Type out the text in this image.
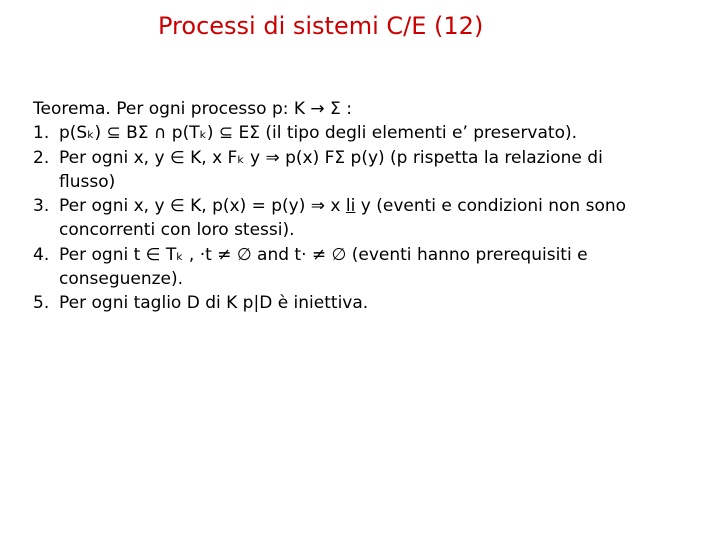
Processi di sistemi C/E (12)
Teorema. Per ogni processo p: K → Σ :
1. p(Sₖ) ⊆ BΣ ∩ p(Tₖ) ⊆ EΣ (il tipo degli elementi e’ preservato).
2. Per ogni x, y ∈ K, x Fₖ y ⇒ p(x) FΣ p(y) (p rispetta la relazione di
flusso)
3. Per ogni x, y ∈ K, p(x) = p(y) ⇒ x li y (eventi e condizioni non sono
concorrenti con loro stessi).
4. Per ogni t ∈ Tₖ , ·t ≠ ∅ and t· ≠ ∅ (eventi hanno prerequisiti e
conseguenze).
5. Per ogni taglio D di K p|D è iniettiva.
